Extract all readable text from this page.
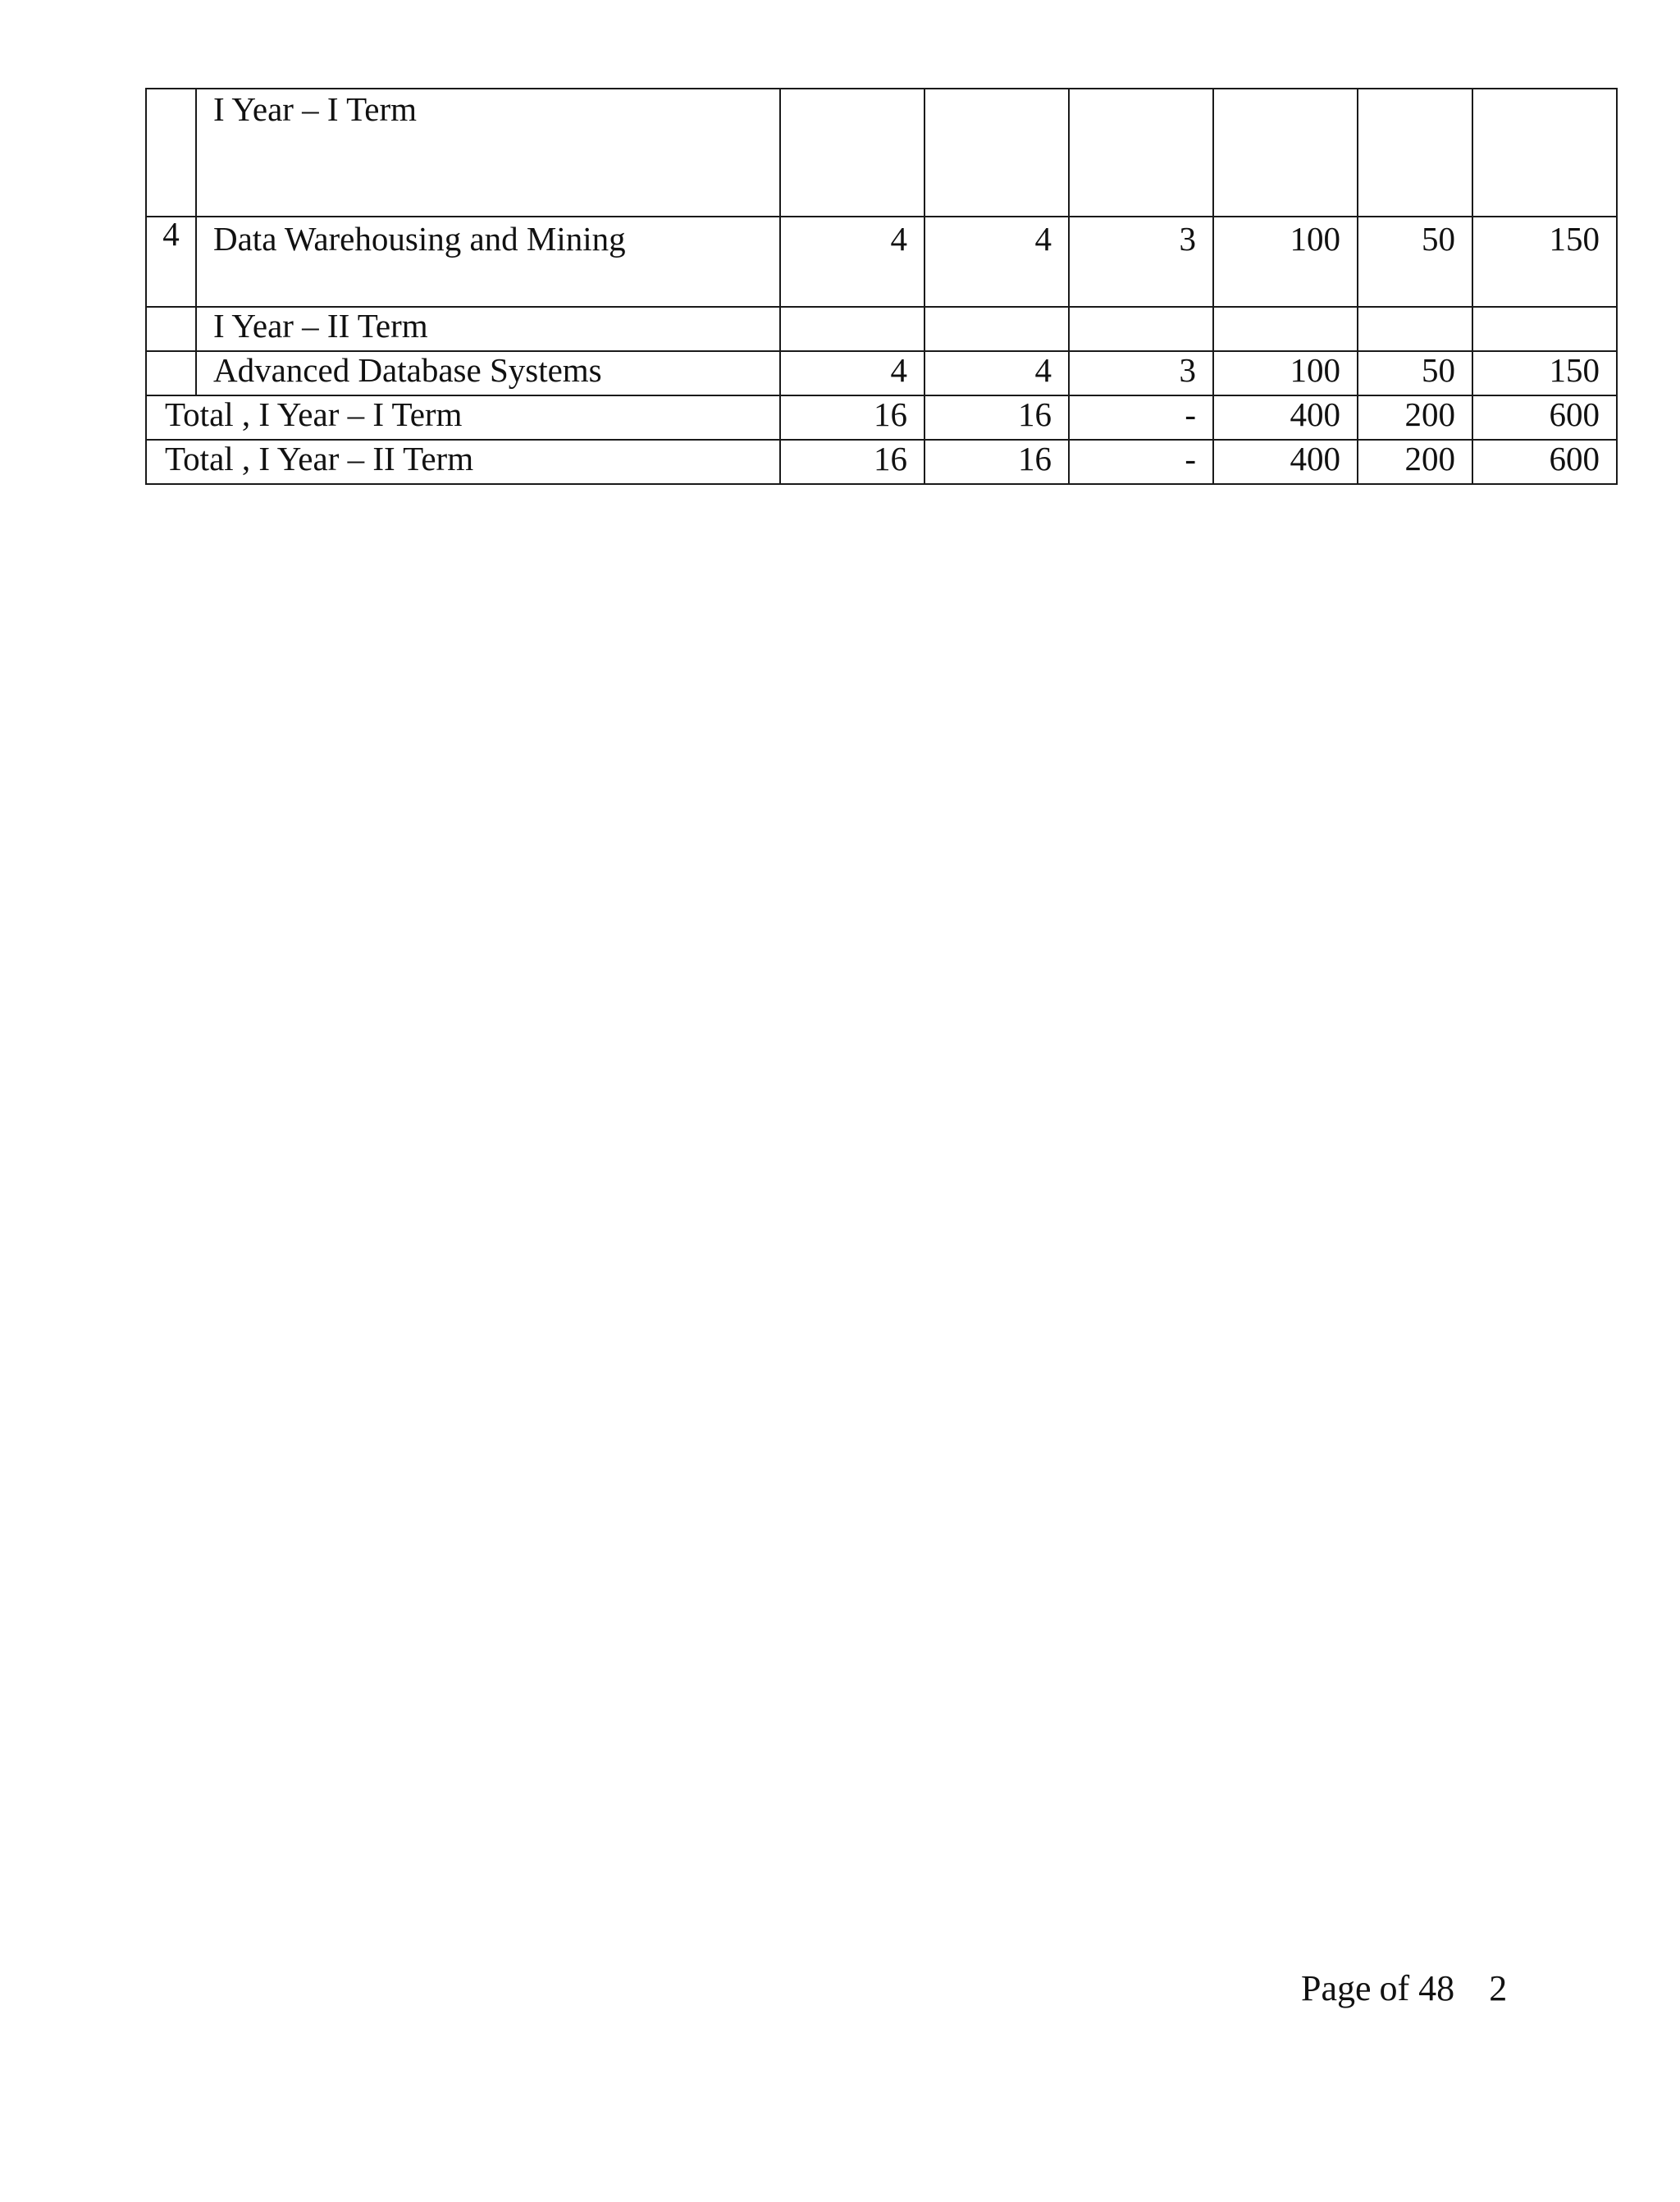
	I Year – I Term						
4	Data Warehousing and Mining	4	4	3	100	50	150
	I Year – II Term						
	Advanced Database Systems	4	4	3	100	50	150
Total , I Year – I Term		16	16	-	400	200	600
Total , I Year – II Term		16	16	-	400	200	600
Page of 48 2
